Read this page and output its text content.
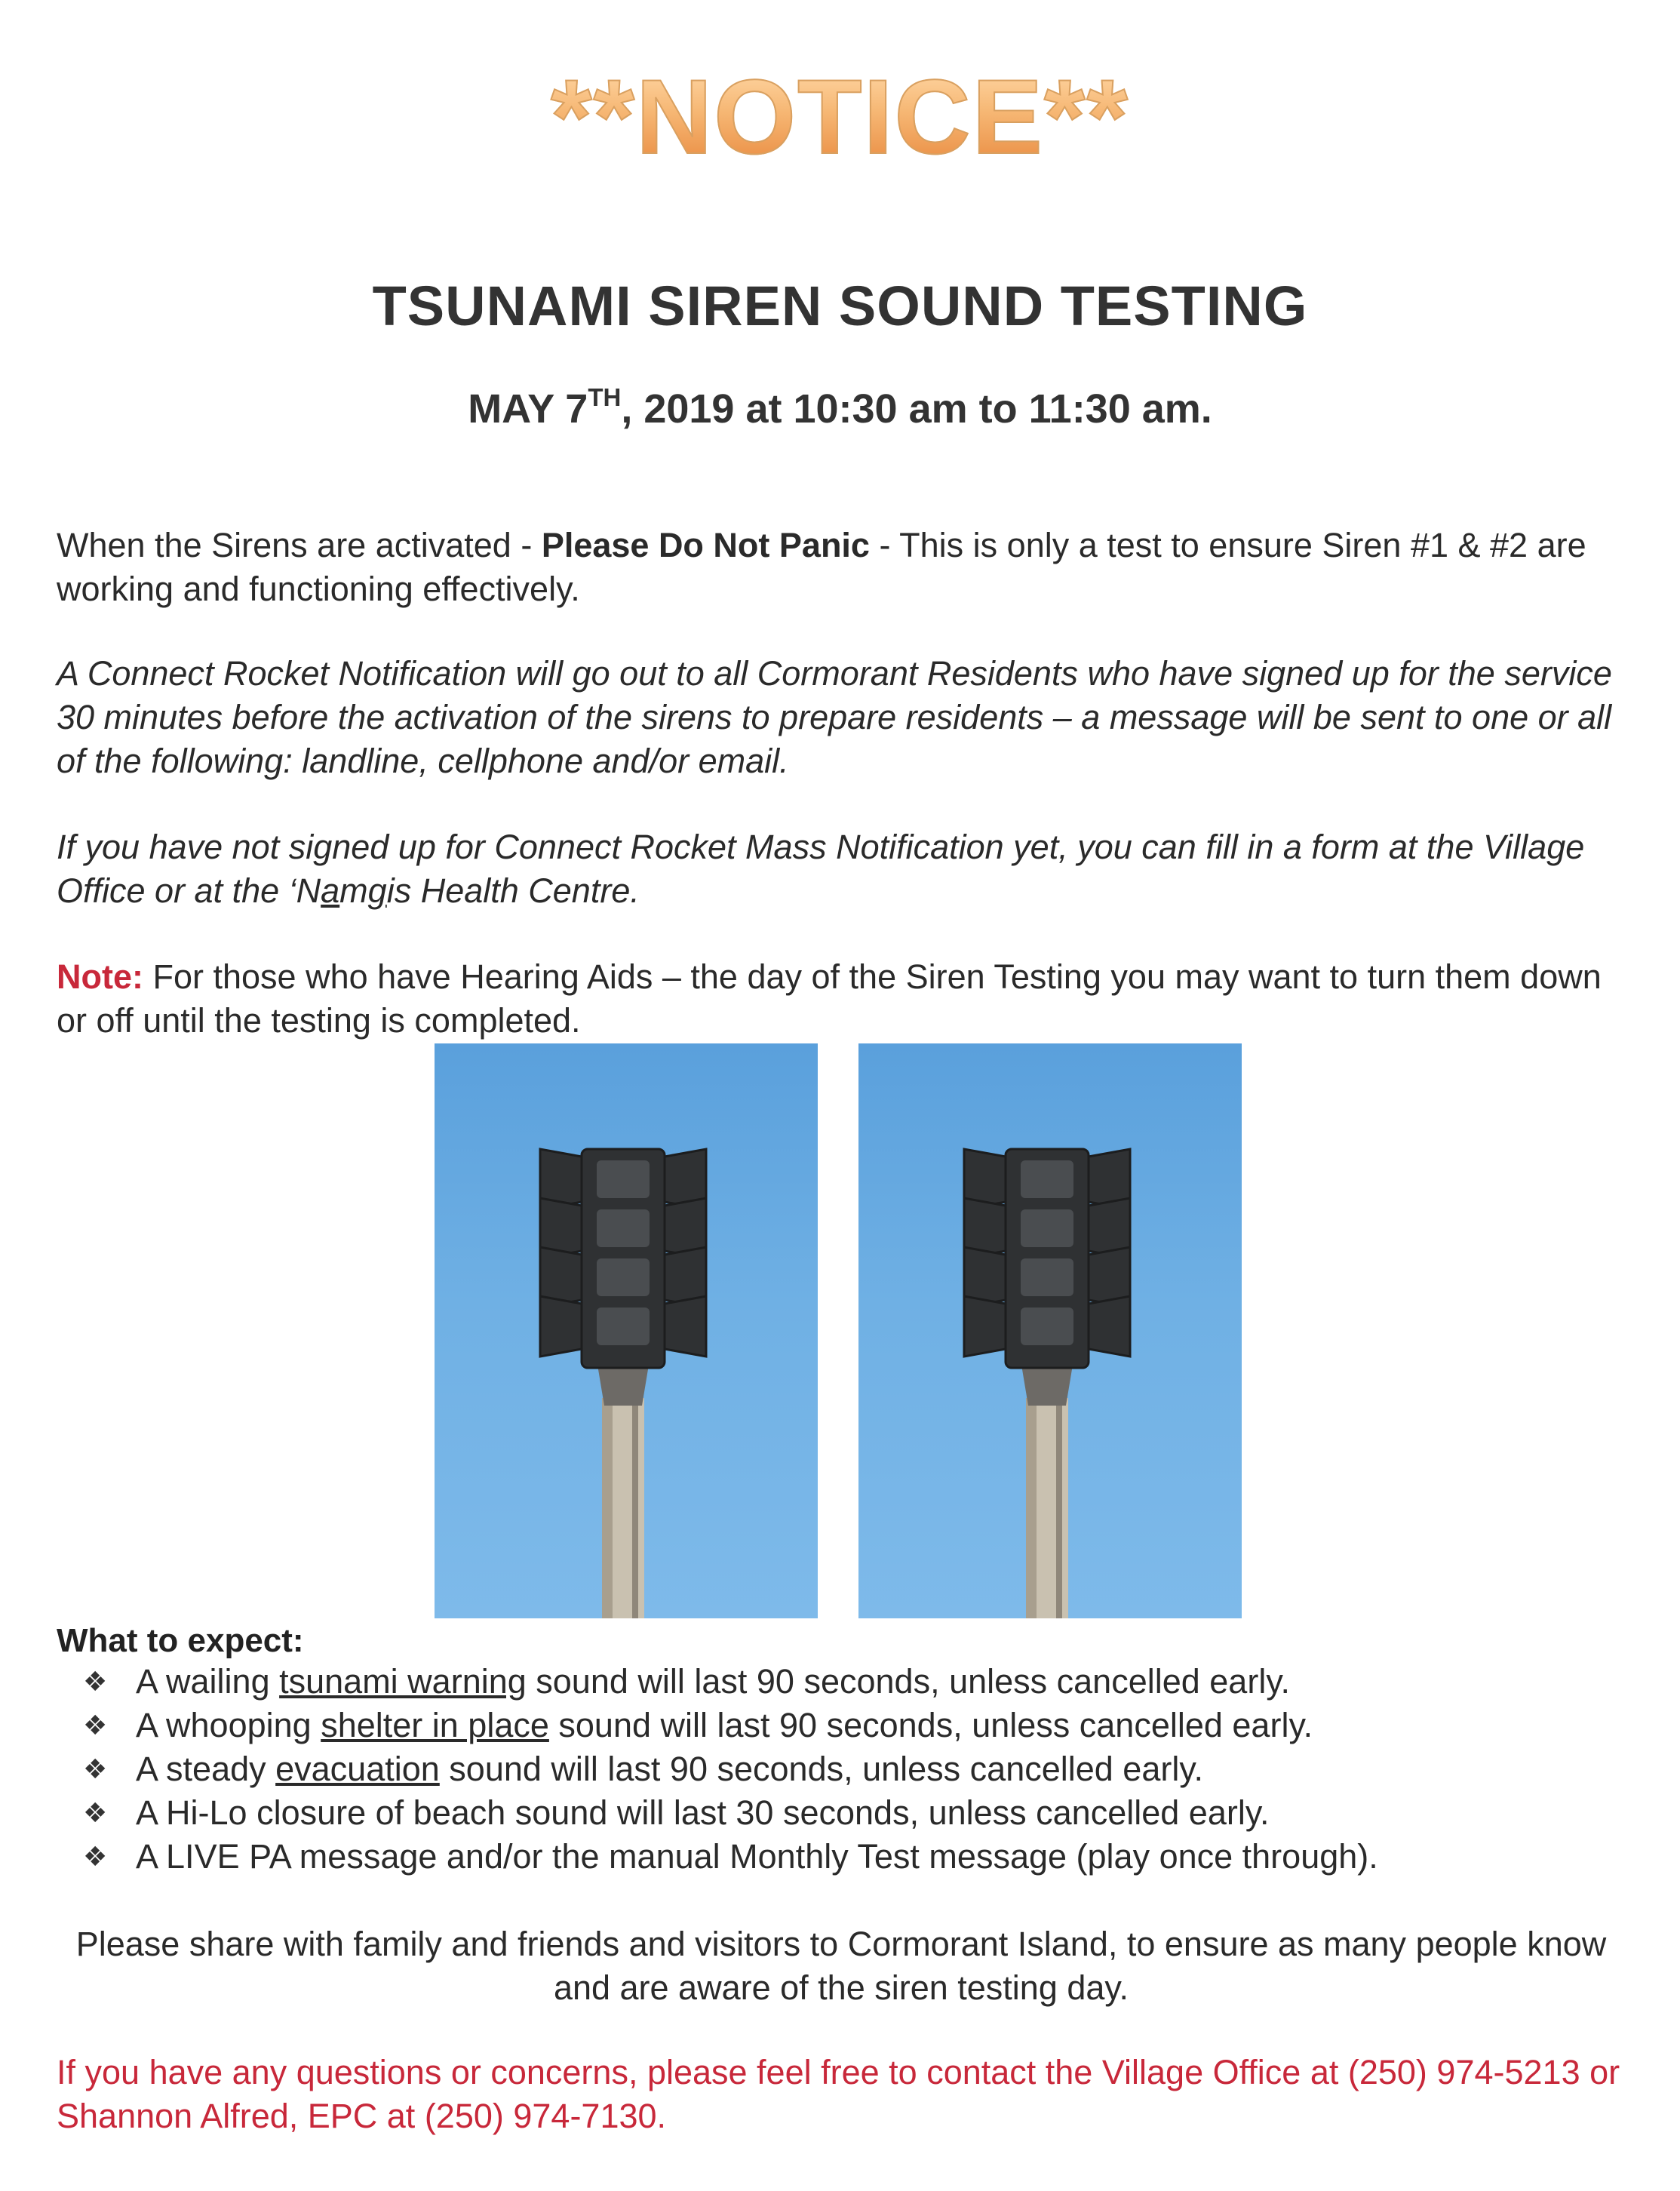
**NOTICE**
TSUNAMI SIREN SOUND TESTING
MAY 7TH, 2019 at 10:30 am to 11:30 am.
When the Sirens are activated - Please Do Not Panic - This is only a test to ensure Siren #1 & #2 are working and functioning effectively.
A Connect Rocket Notification will go out to all Cormorant Residents who have signed up for the service 30 minutes before the activation of the sirens to prepare residents – a message will be sent to one or all of the following: landline, cellphone and/or email.
If you have not signed up for Connect Rocket Mass Notification yet, you can fill in a form at the Village Office or at the ‘Namgis Health Centre.
Note: For those who have Hearing Aids – the day of the Siren Testing you may want to turn them down or off until the testing is completed.
What to expect:
❖ A wailing tsunami warning sound will last 90 seconds, unless cancelled early.
❖ A whooping shelter in place sound will last 90 seconds, unless cancelled early.
❖ A steady evacuation sound will last 90 seconds, unless cancelled early.
❖ A Hi-Lo closure of beach sound will last 30 seconds, unless cancelled early.
❖ A LIVE PA message and/or the manual Monthly Test message (play once through).
Please share with family and friends and visitors to Cormorant Island, to ensure as many people know and are aware of the siren testing day.
If you have any questions or concerns, please feel free to contact the Village Office at (250) 974-5213 or Shannon Alfred, EPC at (250) 974-7130.
